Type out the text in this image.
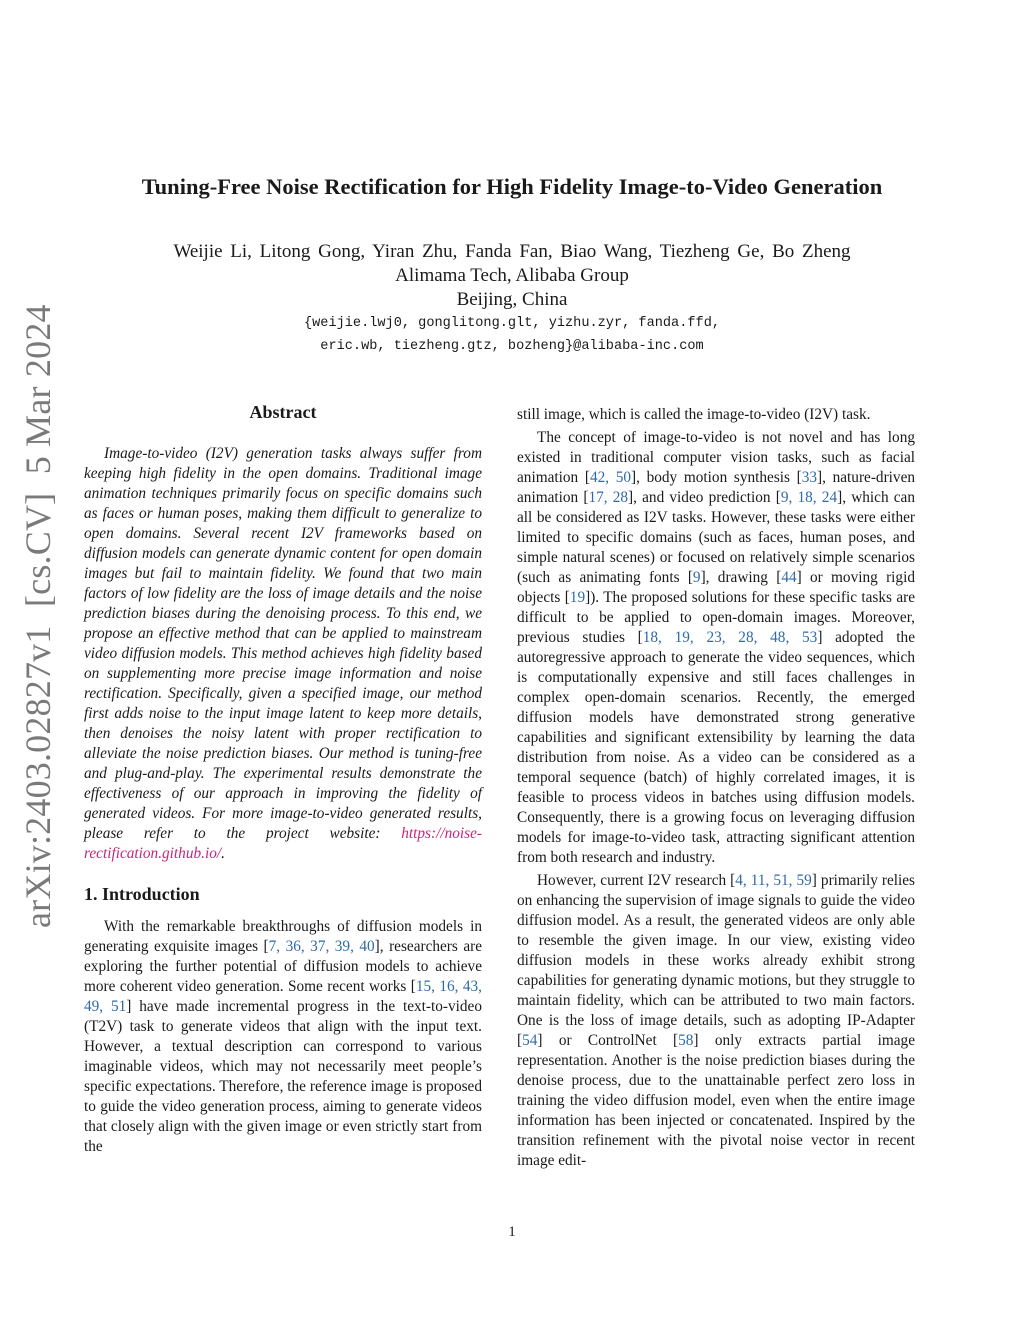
arXiv:2403.02827v1  [cs.CV]  5 Mar 2024
Tuning-Free Noise Rectification for High Fidelity Image-to-Video Generation
Weijie Li, Litong Gong, Yiran Zhu, Fanda Fan, Biao Wang, Tiezheng Ge, Bo Zheng
Alimama Tech, Alibaba Group
Beijing, China
{weijie.lwj0, gonglitong.glt, yizhu.zyr, fanda.ffd,
eric.wb, tiezheng.gtz, bozheng}@alibaba-inc.com
Abstract

Image-to-video (I2V) generation tasks always suffer from keeping high fidelity in the open domains. Traditional image animation techniques primarily focus on specific domains such as faces or human poses, making them difficult to generalize to open domains. Several recent I2V frameworks based on diffusion models can generate dynamic content for open domain images but fail to maintain fidelity. We found that two main factors of low fidelity are the loss of image details and the noise prediction biases during the denoising process. To this end, we propose an effective method that can be applied to mainstream video diffusion models. This method achieves high fidelity based on supplementing more precise image information and noise rectification. Specifically, given a specified image, our method first adds noise to the input image latent to keep more details, then denoises the noisy latent with proper rectification to alleviate the noise prediction biases. Our method is tuning-free and plug-and-play. The experimental results demonstrate the effectiveness of our approach in improving the fidelity of generated videos. For more image-to-video generated results, please refer to the project website: https://noise-rectification.github.io/.

1. Introduction

With the remarkable breakthroughs of diffusion models in generating exquisite images [7, 36, 37, 39, 40], researchers are exploring the further potential of diffusion models to achieve more coherent video generation. Some recent works [15, 16, 43, 49, 51] have made incremental progress in the text-to-video (T2V) task to generate videos that align with the input text. However, a textual description can correspond to various imaginable videos, which may not necessarily meet people’s specific expectations. Therefore, the reference image is proposed to guide the video generation process, aiming to generate videos that closely align with the given image or even strictly start from the

still image, which is called the image-to-video (I2V) task.

The concept of image-to-video is not novel and has long existed in traditional computer vision tasks, such as facial animation [42, 50], body motion synthesis [33], nature-driven animation [17, 28], and video prediction [9, 18, 24], which can all be considered as I2V tasks. However, these tasks were either limited to specific domains (such as faces, human poses, and simple natural scenes) or focused on relatively simple scenarios (such as animating fonts [9], drawing [44] or moving rigid objects [19]). The proposed solutions for these specific tasks are difficult to be applied to open-domain images. Moreover, previous studies [18, 19, 23, 28, 48, 53] adopted the autoregressive approach to generate the video sequences, which is computationally expensive and still faces challenges in complex open-domain scenarios. Recently, the emerged diffusion models have demonstrated strong generative capabilities and significant extensibility by learning the data distribution from noise. As a video can be considered as a temporal sequence (batch) of highly correlated images, it is feasible to process videos in batches using diffusion models. Consequently, there is a growing focus on leveraging diffusion models for image-to-video task, attracting significant attention from both research and industry.

However, current I2V research [4, 11, 51, 59] primarily relies on enhancing the supervision of image signals to guide the video diffusion model. As a result, the generated videos are only able to resemble the given image. In our view, existing video diffusion models in these works already exhibit strong capabilities for generating dynamic motions, but they struggle to maintain fidelity, which can be attributed to two main factors. One is the loss of image details, such as adopting IP-Adapter [54] or ControlNet [58] only extracts partial image representation. Another is the noise prediction biases during the denoise process, due to the unattainable perfect zero loss in training the video diffusion model, even when the entire image information has been injected or concatenated. Inspired by the transition refinement with the pivotal noise vector in recent image edit-

1
